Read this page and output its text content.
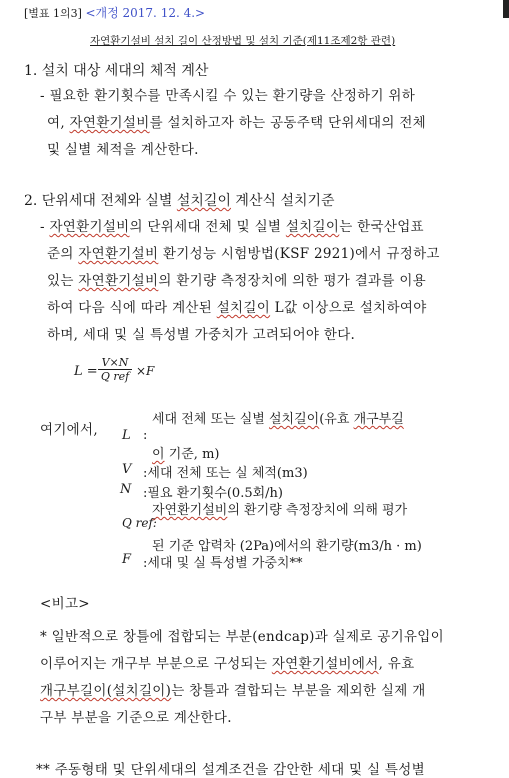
[별표 1의3] <개정 2017. 12. 4.>
자연환기설비 설치 길이 산정방법 및 설치 기준(제11조제2항 관련)
1. 설치 대상 세대의 체적 계산
- 필요한 환기횟수를 만족시킬 수 있는 환기량을 산정하기 위하
여, 자연환기설비를 설치하고자 하는 공동주택 단위세대의 전체
및 실별 체적을 계산한다.
2. 단위세대 전체와 실별 설치길이 계산식 설치기준
- 자연환기설비의 단위세대 전체 및 실별 설치길이는 한국산업표
준의 자연환기설비 환기성능 시험방법(KSF 2921)에서 규정하고
있는 자연환기설비의 환기량 측정장치에 의한 평가 결과를 이용
하여 다음 식에 따라 계산된 설치길이 L값 이상으로 설치하여야
하며, 세대 및 실 특성별 가중치가 고려되어야 한다.
L =
V×N
Q ref ×F
여기에서, L :
세대 전체 또는 실별 설치길이(유효 개구부길
이 기준, m)
V :세대 전체 또는 실 체적(m3)
N :필요 환기횟수(0.5회/h)
자연환기설비의 환기량 측정장치에 의해 평가
Q ref:
된 기준 압력차 (2Pa)에서의 환기량(m3/h · m)
F :세대 및 실 특성별 가중치**
<비고>
* 일반적으로 창틀에 접합되는 부분(endcap)과 실제로 공기유입이
이루어지는 개구부 부분으로 구성되는 자연환기설비에서, 유효
개구부길이(설치길이)는 창틀과 결합되는 부분을 제외한 실제 개
구부 부분을 기준으로 계산한다.
** 주동형태 및 단위세대의 설계조건을 감안한 세대 및 실 특성별
